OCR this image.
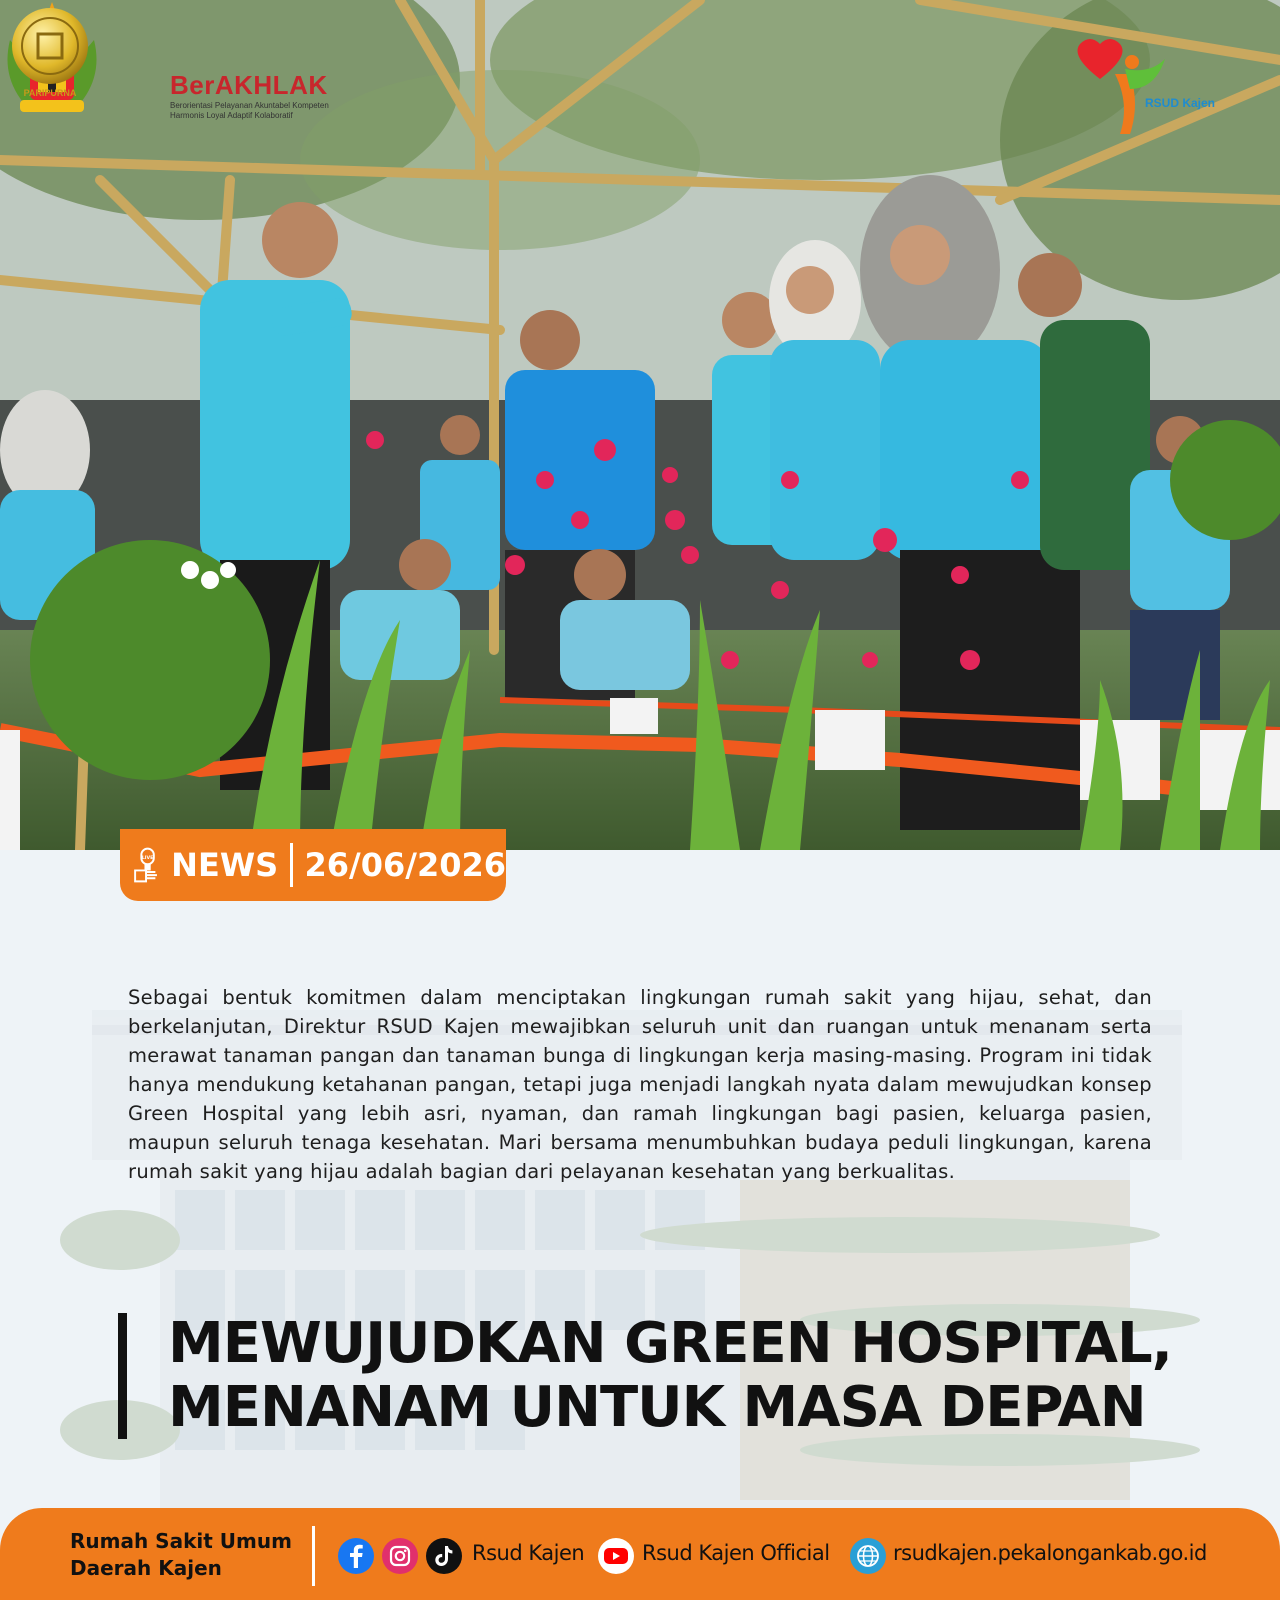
BerAKHLAK
Berorientasi Pelayanan Akuntabel Kompeten Harmonis Loyal Adaptif Kolaboratif
PARIPURNA
RSUD Kajen
LIVE NEWS 26/06/2026

Sebagai bentuk komitmen dalam menciptakan lingkungan rumah sakit yang hijau, sehat, dan berkelanjutan, Direktur RSUD Kajen mewajibkan seluruh unit dan ruangan untuk menanam serta merawat tanaman pangan dan tanaman bunga di lingkungan kerja masing-masing. Program ini tidak hanya mendukung ketahanan pangan, tetapi juga menjadi langkah nyata dalam mewujudkan konsep Green Hospital yang lebih asri, nyaman, dan ramah lingkungan bagi pasien, keluarga pasien, maupun seluruh tenaga kesehatan. Mari bersama menumbuhkan budaya peduli lingkungan, karena rumah sakit yang hijau adalah bagian dari pelayanan kesehatan yang berkualitas.

MEWUJUDKAN GREEN HOSPITAL,
MENANAM UNTUK MASA DEPAN
Rumah Sakit Umum
Daerah Kajen
Rsud Kajen	Rsud Kajen Official	rsudkajen.pekalongankab.go.id
